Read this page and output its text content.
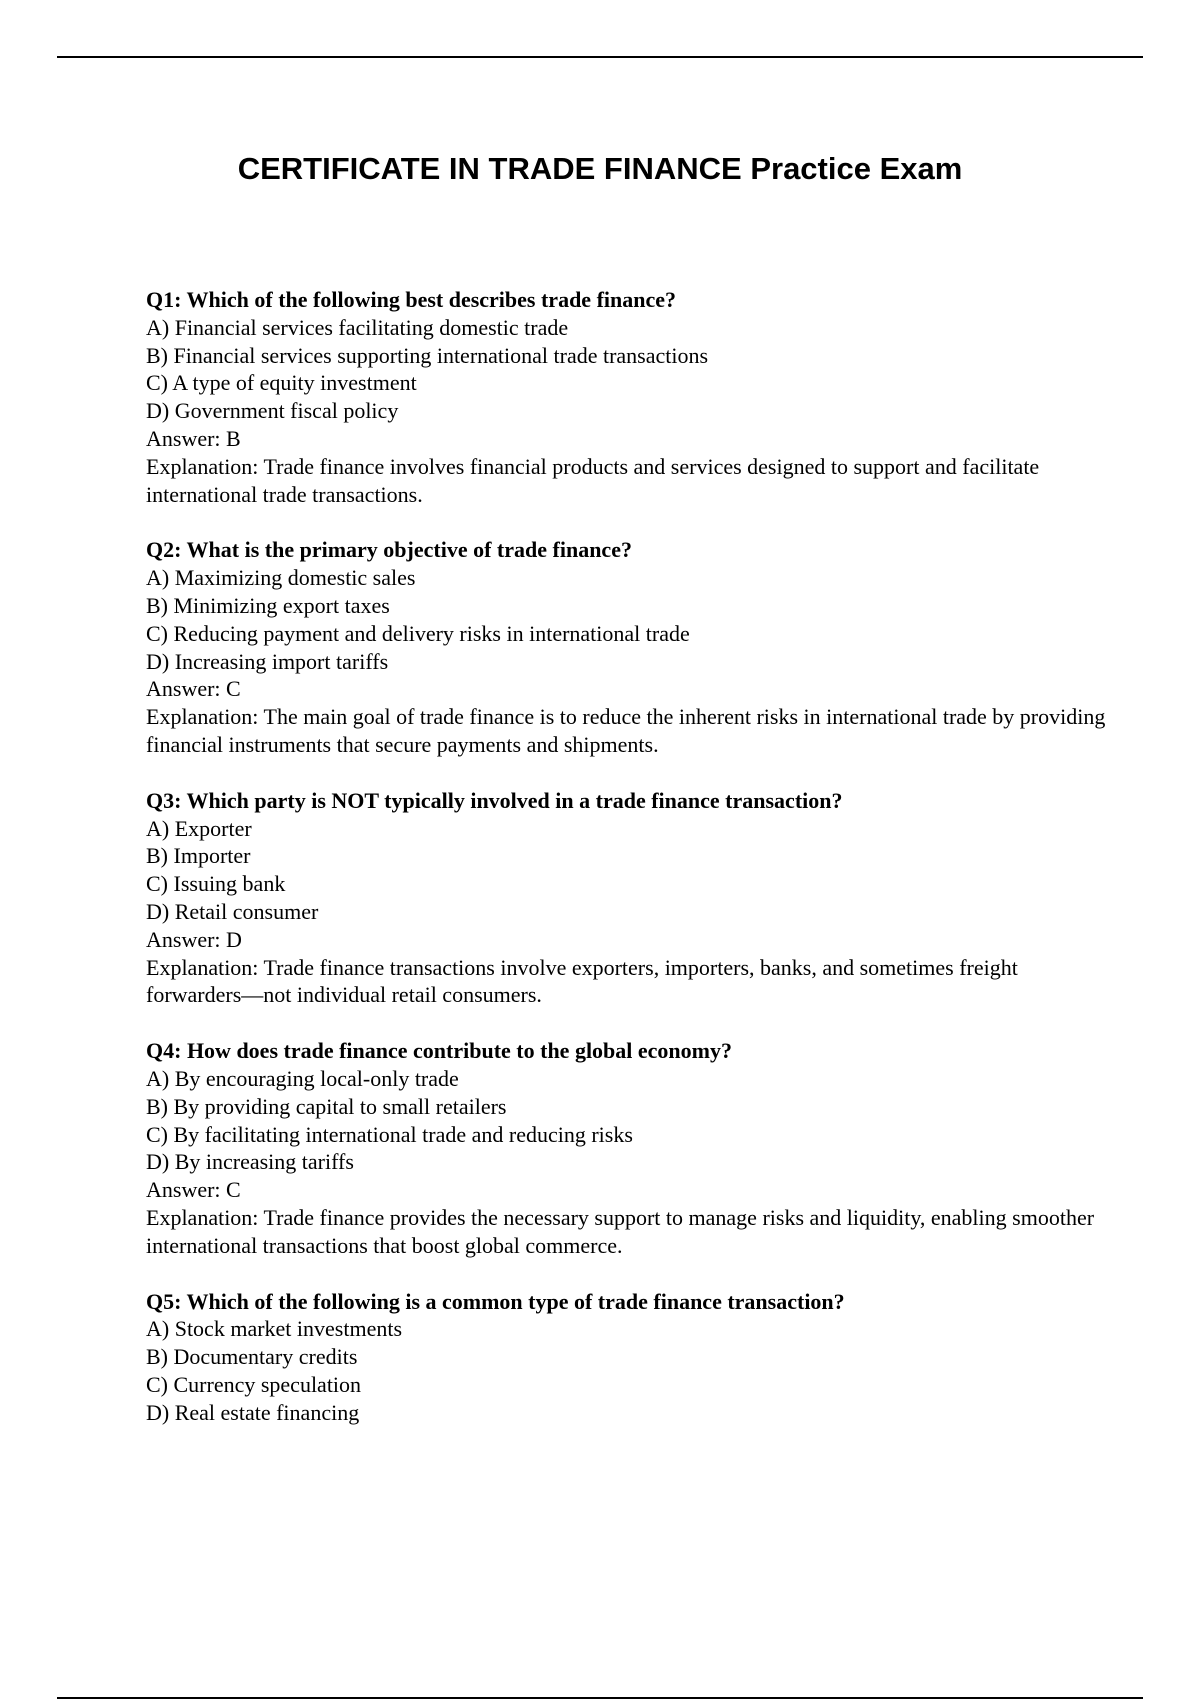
CERTIFICATE IN TRADE FINANCE Practice Exam
Q1: Which of the following best describes trade finance?
A) Financial services facilitating domestic trade
B) Financial services supporting international trade transactions
C) A type of equity investment
D) Government fiscal policy
Answer: B
Explanation: Trade finance involves financial products and services designed to support and facilitate international trade transactions.
Q2: What is the primary objective of trade finance?
A) Maximizing domestic sales
B) Minimizing export taxes
C) Reducing payment and delivery risks in international trade
D) Increasing import tariffs
Answer: C
Explanation: The main goal of trade finance is to reduce the inherent risks in international trade by providing financial instruments that secure payments and shipments.
Q3: Which party is NOT typically involved in a trade finance transaction?
A) Exporter
B) Importer
C) Issuing bank
D) Retail consumer
Answer: D
Explanation: Trade finance transactions involve exporters, importers, banks, and sometimes freight forwarders—not individual retail consumers.
Q4: How does trade finance contribute to the global economy?
A) By encouraging local-only trade
B) By providing capital to small retailers
C) By facilitating international trade and reducing risks
D) By increasing tariffs
Answer: C
Explanation: Trade finance provides the necessary support to manage risks and liquidity, enabling smoother international transactions that boost global commerce.
Q5: Which of the following is a common type of trade finance transaction?
A) Stock market investments
B) Documentary credits
C) Currency speculation
D) Real estate financing
